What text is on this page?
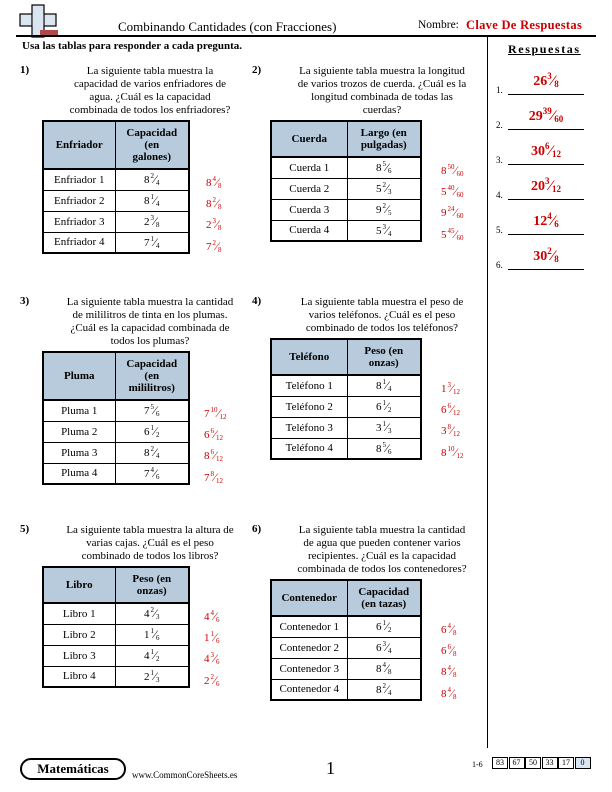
Combinando Cantidades (con Fracciones)	Nombre: Clave De Respuestas
Usa las tablas para responder a cada pregunta.	Respuestas
1.
$26^3⁄8$
2.
$29^{39}⁄60$
3.
$30^6⁄12$
4.
$20^3⁄12$
5.
$12^4⁄6$
6.
$30^2⁄8$
1)	La siguiente tabla muestra la
capacidad de varios enfriadores de
agua. ¿Cuál es la capacidad
combinada de todos los enfriadores?
$8^4⁄8$
$8^2⁄8$
$2^3⁄8$
$7^2⁄8$
Enfriador	Capacidad
(en
galones)

Enfriador 1	$8^2⁄4$
Enfriador 2	$8^1⁄4$
Enfriador 3	$2^3⁄8$
Enfriador 4	$7^1⁄4$
2)	La siguiente tabla muestra la longitud
de varios trozos de cuerda. ¿Cuál es la
longitud combinada de todas las
cuerdas?
$8^{50}⁄60$
$5^{40}⁄60$
$9^{24}⁄60$
$5^{45}⁄60$
Cuerda	Largo (en
pulgadas)

Cuerda 1	$8^5⁄6$
Cuerda 2	$5^2⁄3$
Cuerda 3	$9^2⁄5$
Cuerda 4	$5^3⁄4$
3)	La siguiente tabla muestra la cantidad
de mililitros de tinta en los plumas.
¿Cuál es la capacidad combinada de
todos los plumas?
$7^{10}⁄12$
$6^6⁄12$
$8^6⁄12$
$7^8⁄12$
Pluma	Capacidad
(en
mililitros)

Pluma 1	$7^5⁄6$
Pluma 2	$6^1⁄2$
Pluma 3	$8^2⁄4$
Pluma 4	$7^4⁄6$
4)	La siguiente tabla muestra el peso de
varios teléfonos. ¿Cuál es el peso
combinado de todos los teléfonos?
$1^3⁄12$
$6^6⁄12$
$3^8⁄12$
$8^{10}⁄12$
Teléfono	Peso (en
onzas)

Teléfono 1	$8^1⁄4$
Teléfono 2	$6^1⁄2$
Teléfono 3	$3^1⁄3$
Teléfono 4	$8^5⁄6$
5)	La siguiente tabla muestra la altura de
varias cajas. ¿Cuál es el peso
combinado de todos los libros?
$4^4⁄6$
$1^1⁄6$
$4^3⁄6$
$2^2⁄6$
Libro	Peso (en
onzas)

Libro 1	$4^2⁄3$
Libro 2	$1^1⁄6$
Libro 3	$4^1⁄2$
Libro 4	$2^1⁄3$
6)	La siguiente tabla muestra la cantidad
de agua que pueden contener varios
recipientes. ¿Cuál es la capacidad
combinada de todos los contenedores?
$6^4⁄8$
$6^6⁄8$
$8^4⁄8$
$8^4⁄8$
Contenedor	Capacidad
(en tazas)

Contenedor 1	$6^1⁄2$
Contenedor 2	$6^3⁄4$
Contenedor 3	$8^4⁄8$
Contenedor 4	$8^2⁄4$
Matemáticas	www.CommonCoreSheets.es	1	1-6	83	67	50	33	17	0
